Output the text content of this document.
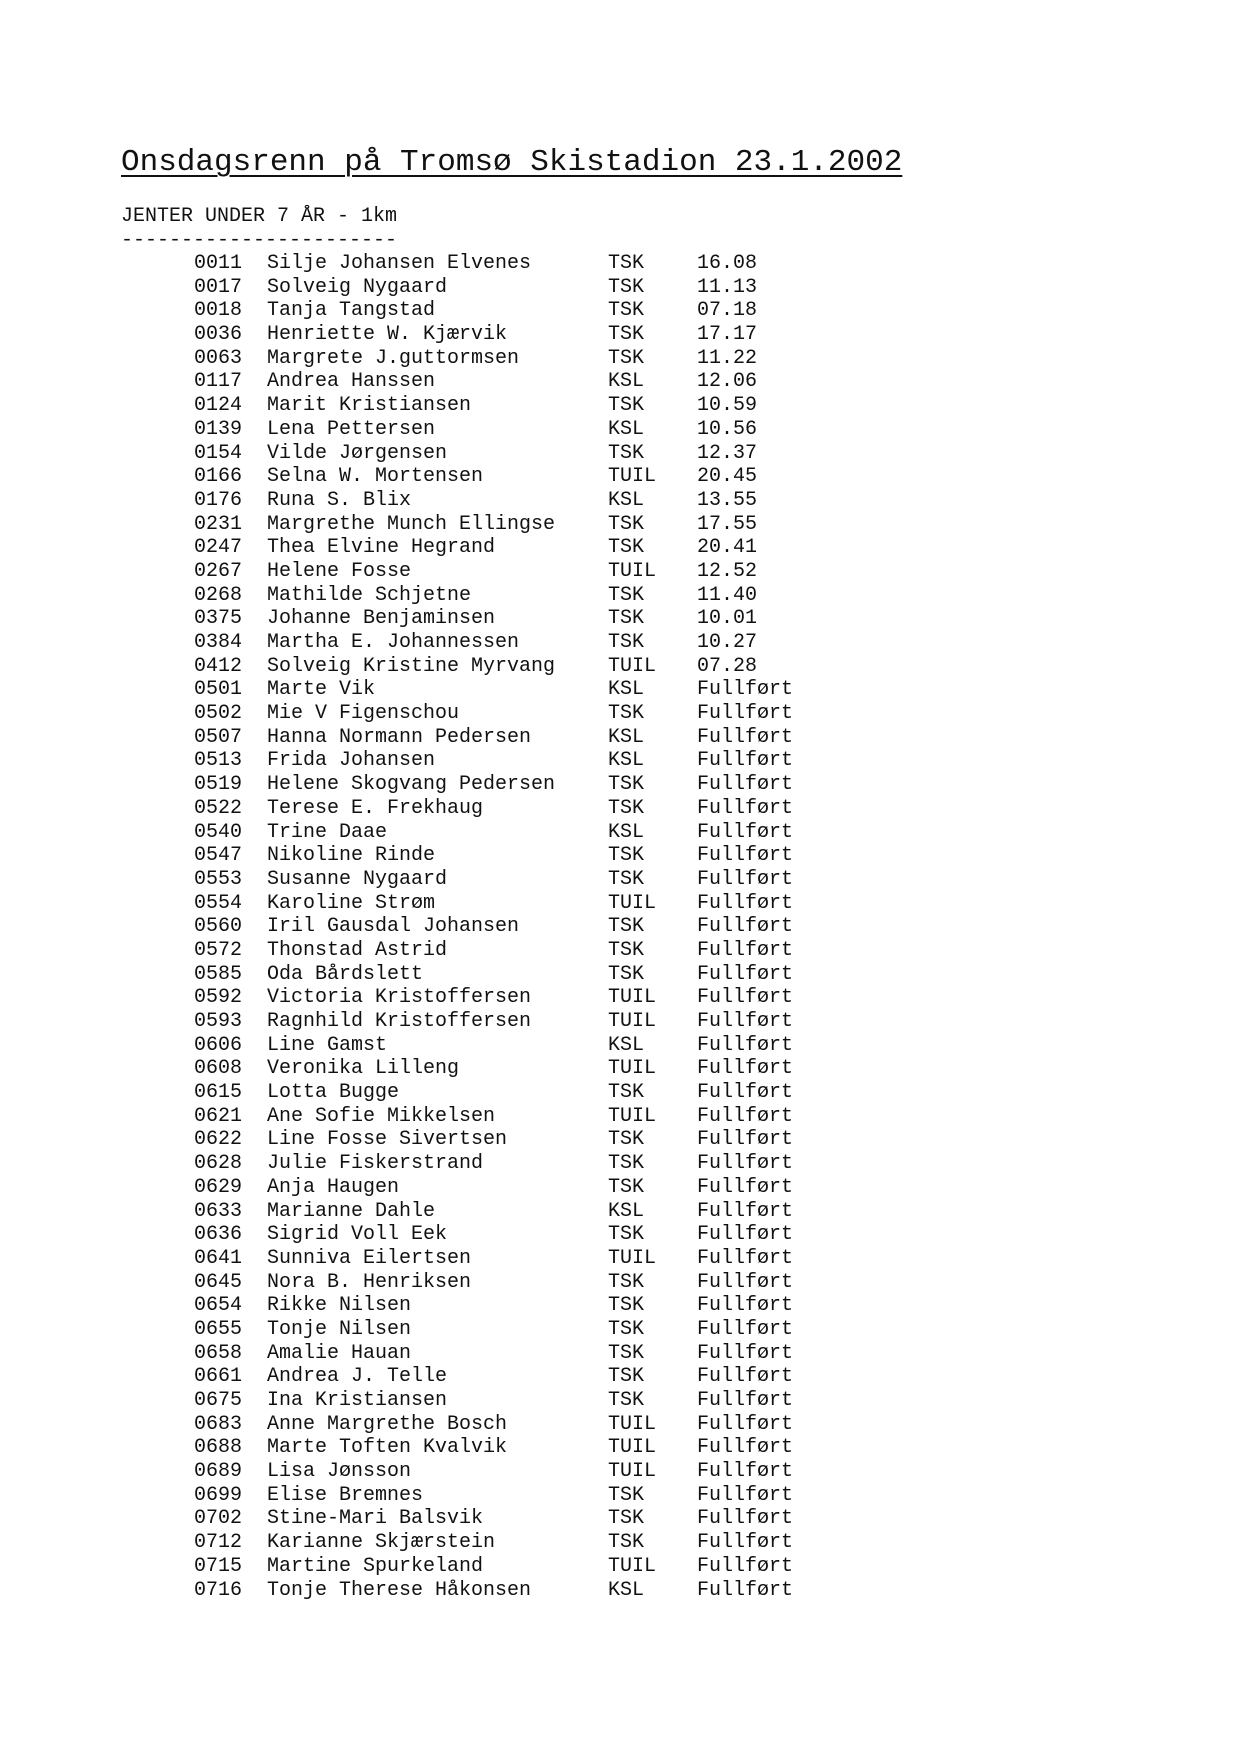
Onsdagsrenn på Tromsø Skistadion 23.1.2002
JENTER UNDER 7 ÅR - 1km
-----------------------
0011 Silje Johansen Elvenes	TSK	16.08
0017 Solveig Nygaard	TSK	11.13
0018 Tanja Tangstad	TSK	07.18
0036 Henriette W. Kjærvik	TSK	17.17
0063 Margrete J.guttormsen	TSK	11.22
0117 Andrea Hanssen	KSL	12.06
0124 Marit Kristiansen	TSK	10.59
0139 Lena Pettersen	KSL	10.56
0154 Vilde Jørgensen	TSK	12.37
0166 Selna W. Mortensen	TUIL 20.45
0176 Runa S. Blix	KSL	13.55
0231 Margrethe Munch Ellingse	TSK	17.55
0247 Thea Elvine Hegrand	TSK	20.41
0267 Helene Fosse	TUIL 12.52
0268 Mathilde Schjetne	TSK	11.40
0375 Johanne Benjaminsen	TSK	10.01
0384 Martha E. Johannessen	TSK	10.27
0412 Solveig Kristine Myrvang	TUIL 07.28
0501 Marte Vik	KSL	Fullført
0502 Mie V Figenschou	TSK	Fullført
0507 Hanna Normann Pedersen	KSL	Fullført
0513 Frida Johansen	KSL	Fullført
0519 Helene Skogvang Pedersen	TSK	Fullført
0522 Terese E. Frekhaug	TSK	Fullført
0540 Trine Daae	KSL	Fullført
0547 Nikoline Rinde	TSK	Fullført
0553 Susanne Nygaard	TSK	Fullført
0554 Karoline Strøm	TUIL Fullført
0560 Iril Gausdal Johansen	TSK	Fullført
0572 Thonstad Astrid	TSK	Fullført
0585 Oda Bårdslett	TSK	Fullført
0592 Victoria Kristoffersen	TUIL Fullført
0593 Ragnhild Kristoffersen	TUIL Fullført
0606 Line Gamst	KSL	Fullført
0608 Veronika Lilleng	TUIL Fullført
0615 Lotta Bugge	TSK	Fullført
0621 Ane Sofie Mikkelsen	TUIL Fullført
0622 Line Fosse Sivertsen	TSK	Fullført
0628 Julie Fiskerstrand	TSK	Fullført
0629 Anja Haugen	TSK	Fullført
0633 Marianne Dahle	KSL	Fullført
0636 Sigrid Voll Eek	TSK	Fullført
0641 Sunniva Eilertsen	TUIL Fullført
0645 Nora B. Henriksen	TSK	Fullført
0654 Rikke Nilsen	TSK	Fullført
0655 Tonje Nilsen	TSK	Fullført
0658 Amalie Hauan	TSK	Fullført
0661 Andrea J. Telle	TSK	Fullført
0675 Ina Kristiansen	TSK	Fullført
0683 Anne Margrethe Bosch	TUIL Fullført
0688 Marte Toften Kvalvik	TUIL Fullført
0689 Lisa Jønsson	TUIL Fullført
0699 Elise Bremnes	TSK	Fullført
0702 Stine-Mari Balsvik	TSK	Fullført
0712 Karianne Skjærstein	TSK	Fullført
0715 Martine Spurkeland	TUIL Fullført
0716 Tonje Therese Håkonsen	KSL	Fullført
